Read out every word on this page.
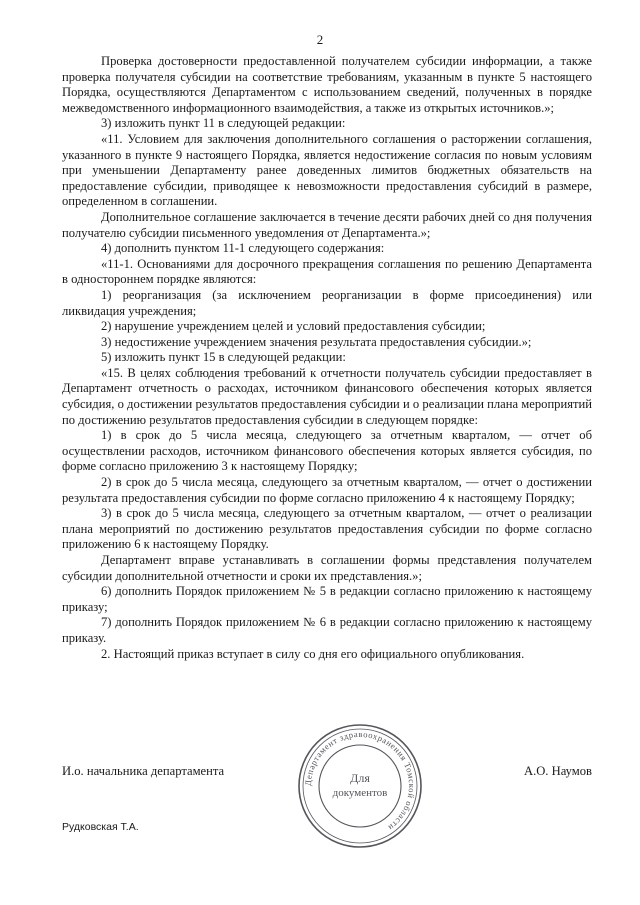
2

Проверка достоверности предоставленной получателем субсидии информации, а также проверка получателя субсидии на соответствие требованиям, указанным в пункте 5 настоящего Порядка, осуществляются Департаментом с использованием сведений, полученных в порядке межведомственного информационного взаимодействия, а также из открытых источников.»;

3) изложить пункт 11 в следующей редакции:

«11. Условием для заключения дополнительного соглашения о расторжении соглашения, указанного в пункте 9 настоящего Порядка, является недостижение согласия по новым условиям при уменьшении Департаменту ранее доведенных лимитов бюджетных обязательств на предоставление субсидии, приводящее к невозможности предоставления субсидий в размере, определенном в соглашении.

Дополнительное соглашение заключается в течение десяти рабочих дней со дня получения получателю субсидии письменного уведомления от Департамента.»;

4) дополнить пунктом 11-1 следующего содержания:

«11-1. Основаниями для досрочного прекращения соглашения по решению Департамента в одностороннем порядке являются:

1) реорганизация (за исключением реорганизации в форме присоединения) или ликвидация учреждения;

2) нарушение учреждением целей и условий предоставления субсидии;

3) недостижение учреждением значения результата предоставления субсидии.»;

5) изложить пункт 15 в следующей редакции:

«15. В целях соблюдения требований к отчетности получатель субсидии предоставляет в Департамент отчетность о расходах, источником финансового обеспечения которых является субсидия, о достижении результатов предоставления субсидии и о реализации плана мероприятий по достижению результатов предоставления субсидии в следующем порядке:

1) в срок до 5 числа месяца, следующего за отчетным кварталом, — отчет об осуществлении расходов, источником финансового обеспечения которых является субсидия, по форме согласно приложению 3 к настоящему Порядку;

2) в срок до 5 числа месяца, следующего за отчетным кварталом, — отчет о достижении результата предоставления субсидии по форме согласно приложению 4 к настоящему Порядку;

3) в срок до 5 числа месяца, следующего за отчетным кварталом, — отчет о реализации плана мероприятий по достижению результатов предоставления субсидии по форме согласно приложению 6 к настоящему Порядку.

Департамент вправе устанавливать в соглашении формы представления получателем субсидии дополнительной отчетности и сроки их представления.»;

6) дополнить Порядок приложением № 5 в редакции согласно приложению к настоящему приказу;

7) дополнить Порядок приложением № 6 в редакции согласно приложению к настоящему приказу.

2. Настоящий приказ вступает в силу со дня его официального опубликования.

И.о. начальника департамента	А.О. Наумов
Департамент здравоохранения Томской области
Для
документов
Рудковская Т.А.
